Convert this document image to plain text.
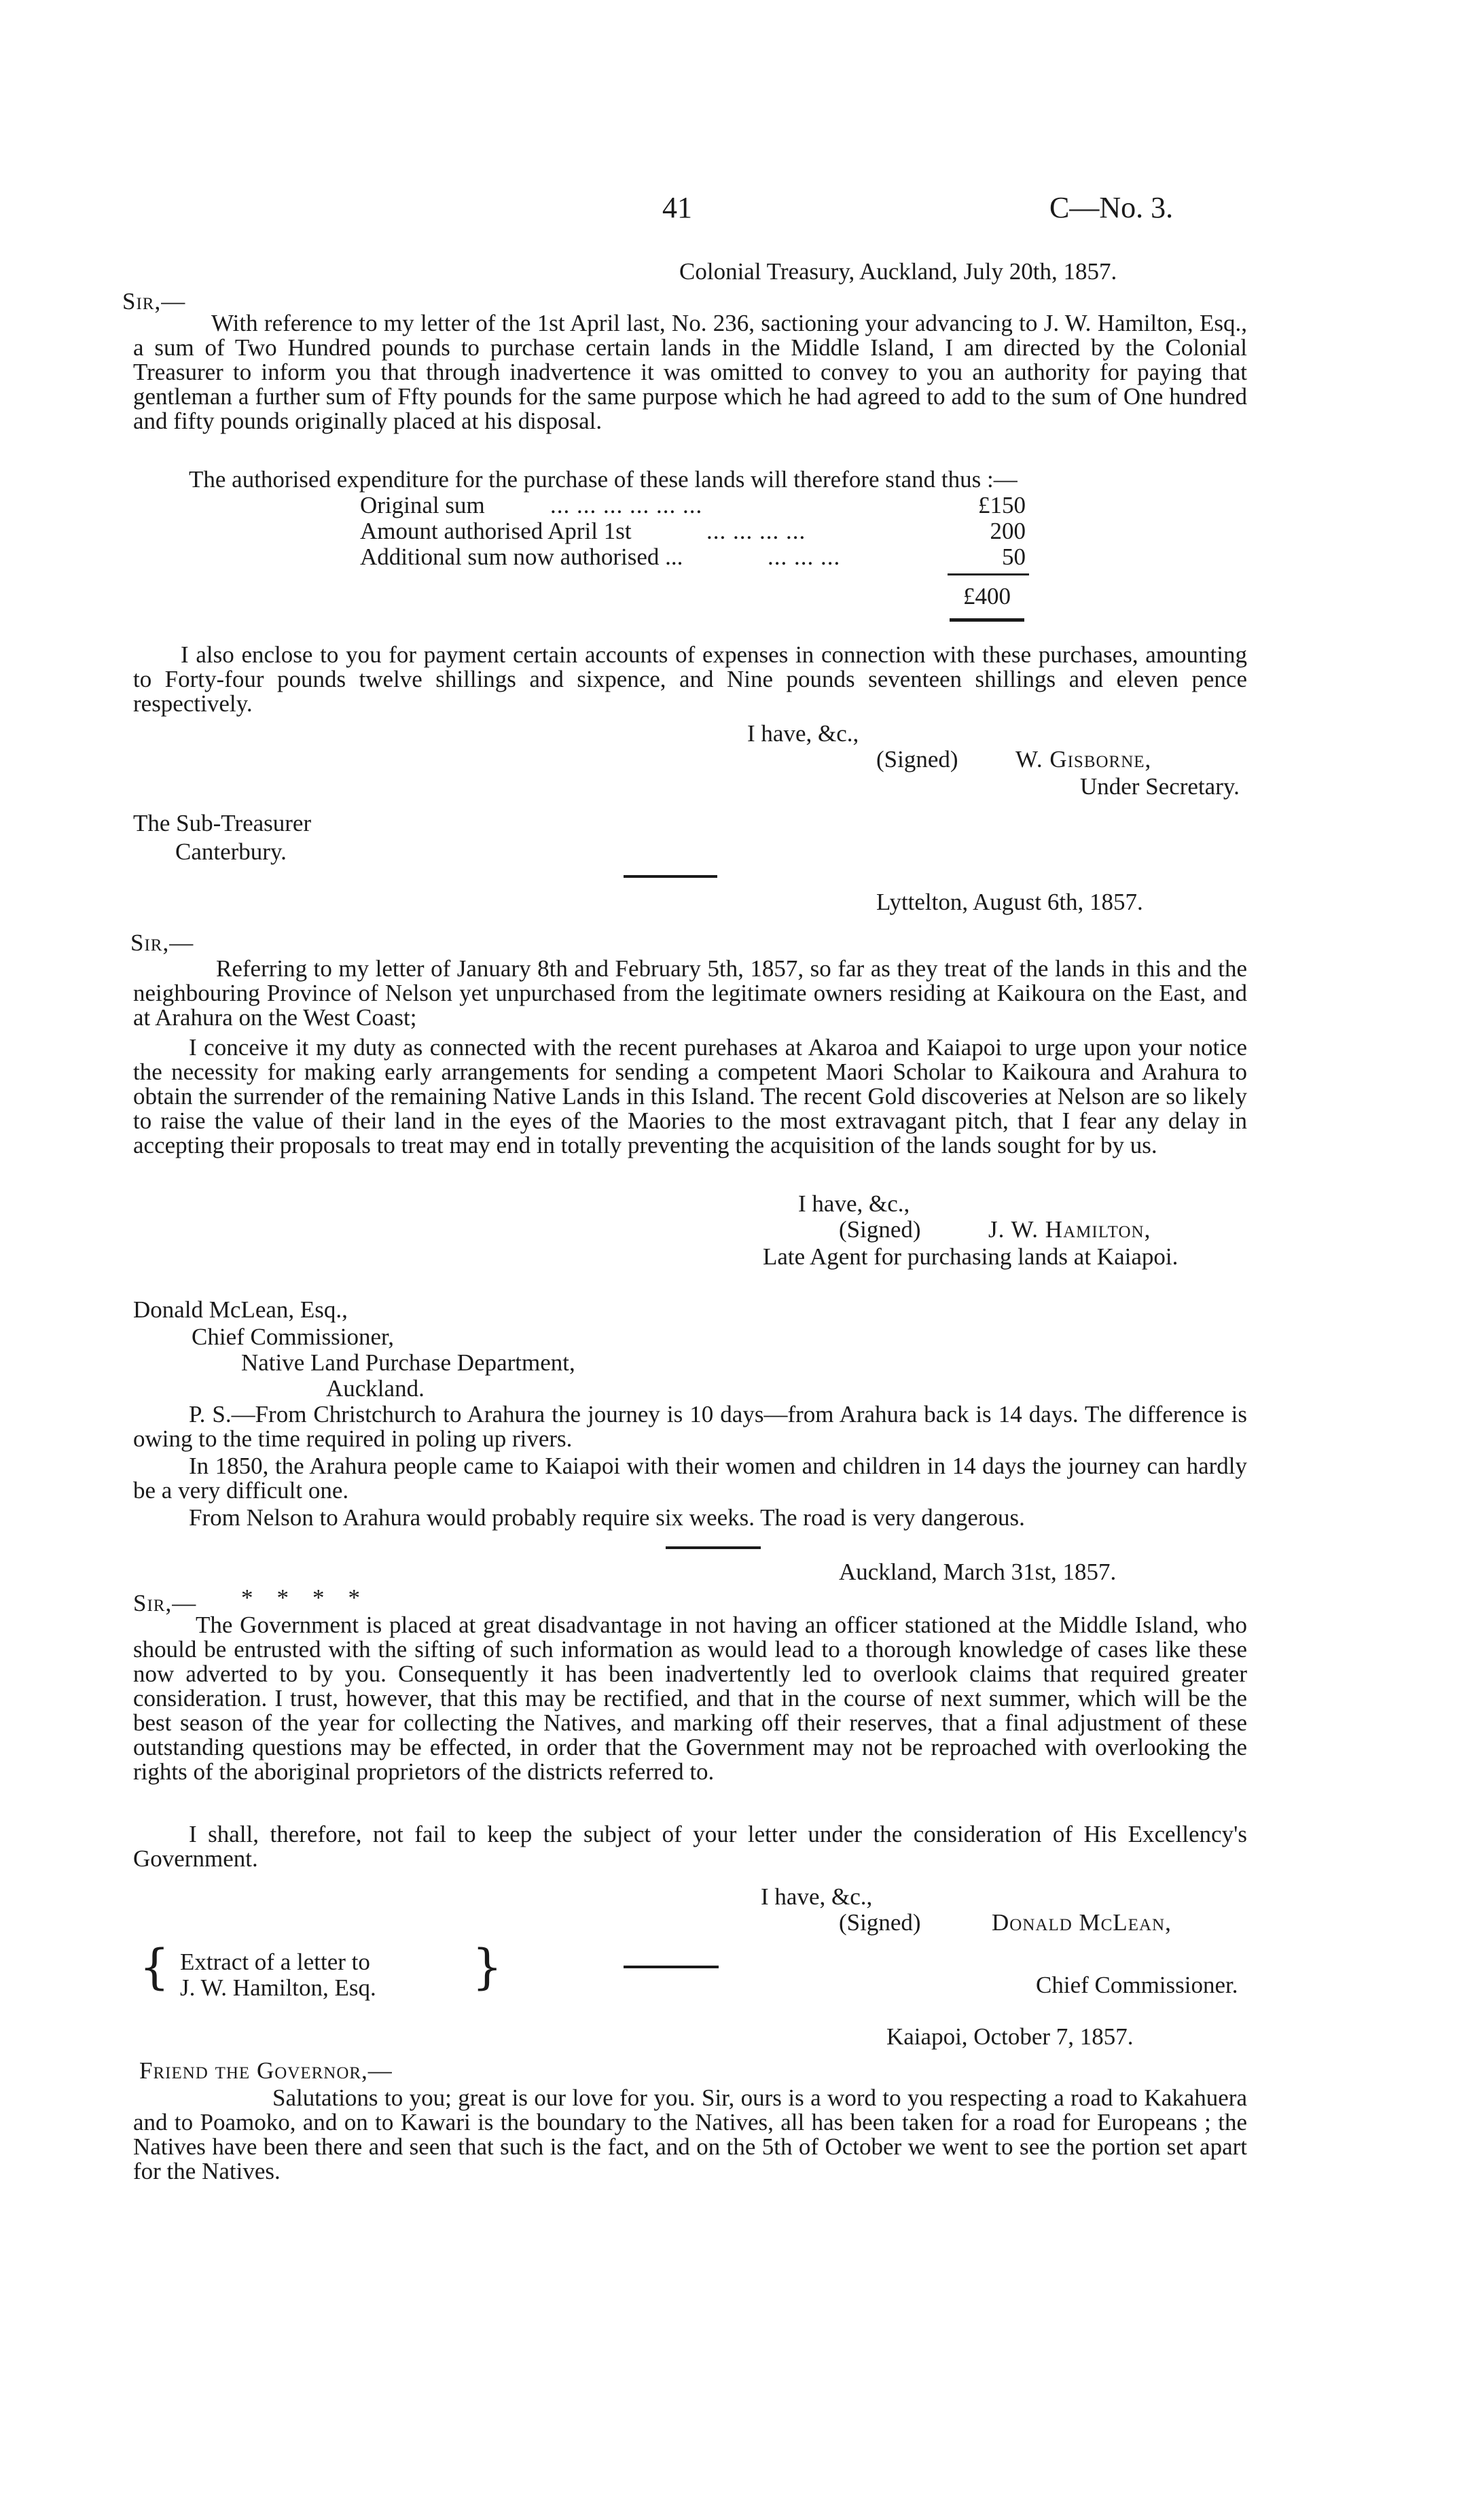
41	C—No. 3.
Colonial Treasury, Auckland, July 20th, 1857.
Sir,—
With reference to my letter of the 1st April last, No. 236, sactioning your advancing to J. W. Hamilton, Esq., a sum of Two Hundred pounds to purchase certain lands in the Middle Island, I am directed by the Colonial Treasurer to inform you that through inadvertence it was omitted to convey to you an authority for paying that gentleman a further sum of Ffty pounds for the same purpose which he had agreed to add to the sum of One hundred and fifty pounds originally placed at his disposal.
The authorised expenditure for the purchase of these lands will therefore stand thus :—
Original sum	... ... ... ... ... ...	£150
Amount authorised April 1st	... ... ... ...	200
Additional sum now authorised ...	... ... ...	50
£400
I also enclose to you for payment certain accounts of expenses in connection with these purchases, amounting to Forty-four pounds twelve shillings and sixpence, and Nine pounds seventeen shillings and eleven pence respectively.
I have, &c.,
(Signed) W. Gisborne,
Under Secretary.
The Sub-Treasurer
Canterbury.
Lyttelton, August 6th, 1857.
Sir,—
Referring to my letter of January 8th and February 5th, 1857, so far as they treat of the lands in this and the neighbouring Province of Nelson yet unpurchased from the legitimate owners residing at Kaikoura on the East, and at Arahura on the West Coast;
I conceive it my duty as connected with the recent purehases at Akaroa and Kaiapoi to urge upon your notice the necessity for making early arrangements for sending a competent Maori Scholar to Kaikoura and Arahura to obtain the surrender of the remaining Native Lands in this Island. The recent Gold discoveries at Nelson are so likely to raise the value of their land in the eyes of the Maories to the most extravagant pitch, that I fear any delay in accepting their proposals to treat may end in totally preventing the acquisition of the lands sought for by us.
I have, &c.,
(Signed)	J. W. Hamilton,
Late Agent for purchasing lands at Kaiapoi.
Donald McLean, Esq.,
Chief Commissioner,
Native Land Purchase Department,
Auckland.
P. S.—From Christchurch to Arahura the journey is 10 days—from Arahura back is 14 days. The difference is owing to the time required in poling up rivers.
In 1850, the Arahura people came to Kaiapoi with their women and children in 14 days the journey can hardly be a very difficult one.
From Nelson to Arahura would probably require six weeks. The road is very dangerous.
Auckland, March 31st, 1857.
Sir,— *    *    *    *
The Government is placed at great disadvantage in not having an officer stationed at the Middle Island, who should be entrusted with the sifting of such information as would lead to a thorough knowledge of cases like these now adverted to by you. Consequently it has been inadvertently led to overlook claims that required greater consideration. I trust, however, that this may be rectified, and that in the course of next summer, which will be the best season of the year for collecting the Natives, and marking off their reserves, that a final adjustment of these outstanding questions may be effected, in order that the Government may not be reproached with overlooking the rights of the aboriginal proprietors of the districts referred to.
I shall, therefore, not fail to keep the subject of your letter under the consideration of His Excellency's Government.
I have, &c.,
(Signed)	Donald McLean,
{ Extract of a letter to
J. W. Hamilton, Esq. }	Chief Commissioner.
Kaiapoi, October 7, 1857.
Friend the Governor,—
Salutations to you; great is our love for you. Sir, ours is a word to you respecting a road to Kakahuera and to Poamoko, and on to Kawari is the boundary to the Natives, all has been taken for a road for Europeans ; the Natives have been there and seen that such is the fact, and on the 5th of October we went to see the portion set apart for the Natives.
